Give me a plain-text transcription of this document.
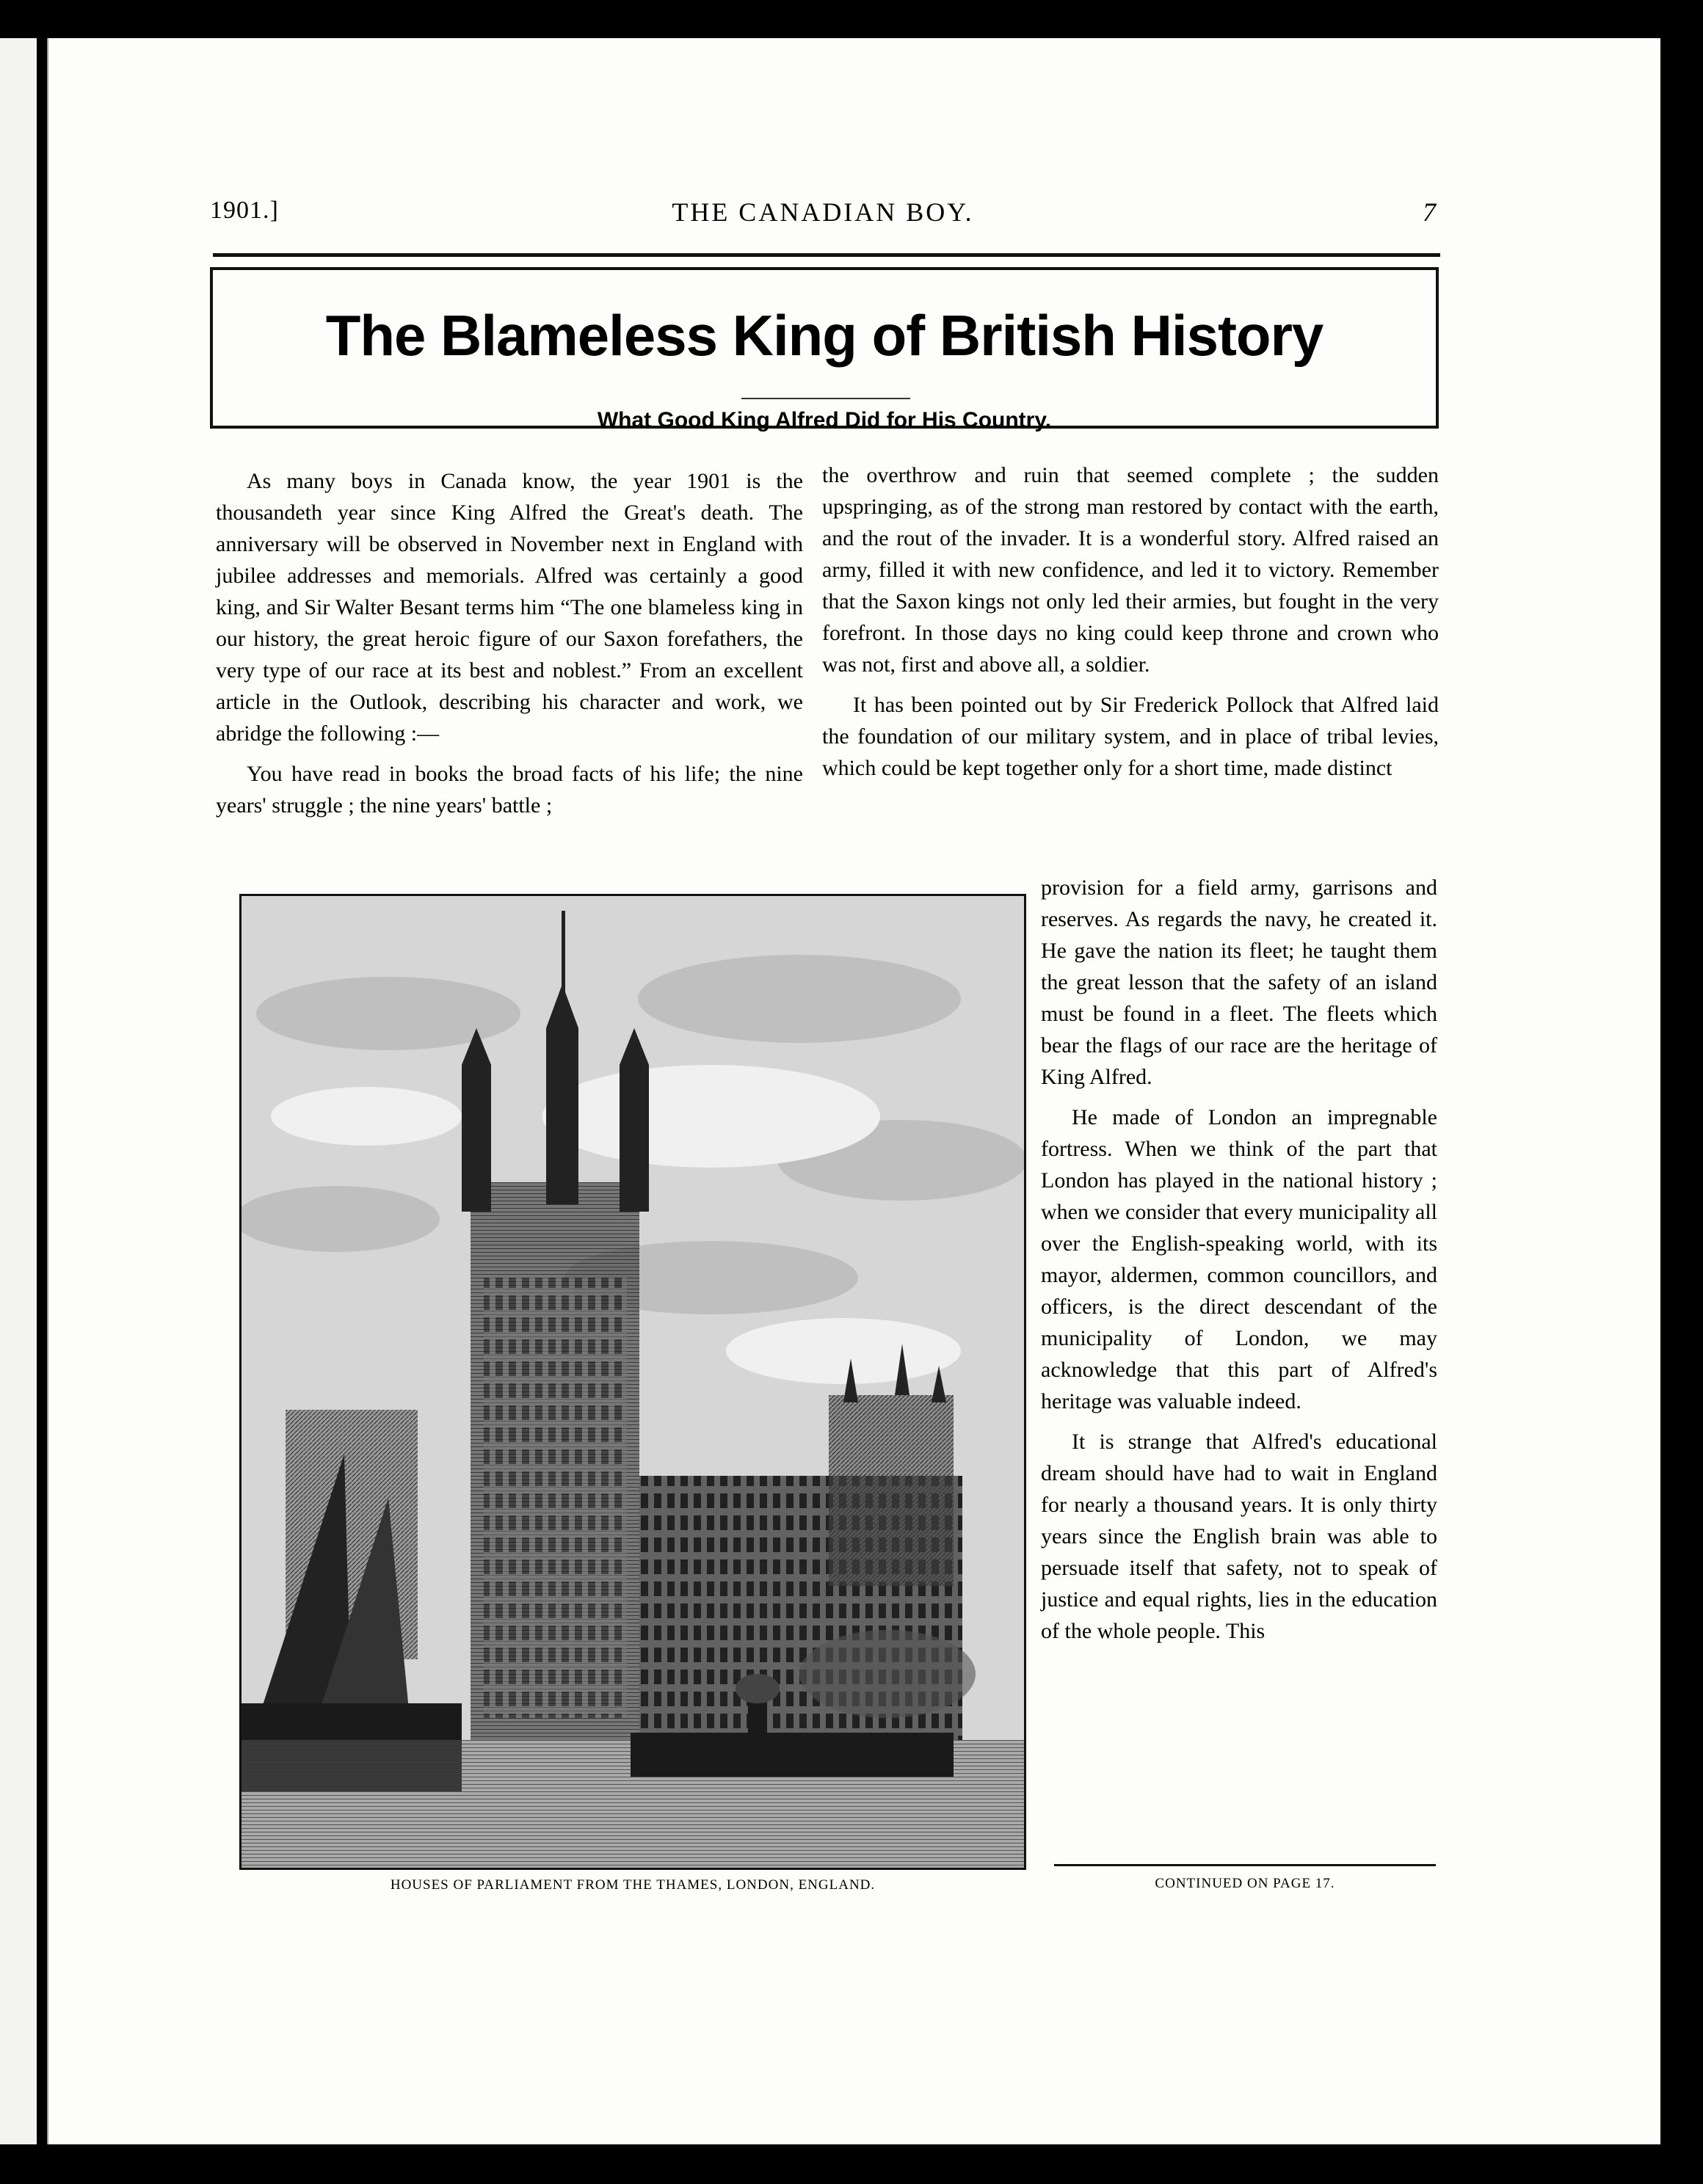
1901.]	THE CANADIAN BOY.	7
The Blameless King of British History
What Good King Alfred Did for His Country.

As many boys in Canada know, the year 1901 is the thousandeth year since King Alfred the Great's death. The anniversary will be observed in November next in England with jubilee addresses and memorials. Alfred was certainly a good king, and Sir Walter Besant terms him “The one blameless king in our history, the great heroic figure of our Saxon forefathers, the very type of our race at its best and noblest.” From an excellent article in the Outlook, describing his character and work, we abridge the following :—

You have read in books the broad facts of his life; the nine years' struggle ; the nine years' battle ;

the overthrow and ruin that seemed complete ; the sudden upspringing, as of the strong man restored by contact with the earth, and the rout of the invader. It is a wonderful story. Alfred raised an army, filled it with new confidence, and led it to victory. Remember that the Saxon kings not only led their armies, but fought in the very forefront. In those days no king could keep throne and crown who was not, first and above all, a soldier.

It has been pointed out by Sir Frederick Pollock that Alfred laid the foundation of our military system, and in place of tribal levies, which could be kept together only for a short time, made distinct

provision for a field army, garrisons and reserves. As regards the navy, he created it. He gave the nation its fleet; he taught them the great lesson that the safety of an island must be found in a fleet. The fleets which bear the flags of our race are the heritage of King Alfred.

He made of London an impregnable fortress. When we think of the part that London has played in the national history ; when we consider that every municipality all over the English-speaking world, with its mayor, aldermen, common councillors, and officers, is the direct descendant of the municipality of London, we may acknowledge that this part of Alfred's heritage was valuable indeed.

It is strange that Alfred's educational dream should have had to wait in England for nearly a thousand years. It is only thirty years since the English brain was able to persuade itself that safety, not to speak of justice and equal rights, lies in the education of the whole people. This

HOUSES OF PARLIAMENT FROM THE THAMES, LONDON, ENGLAND.	CONTINUED ON PAGE 17.
